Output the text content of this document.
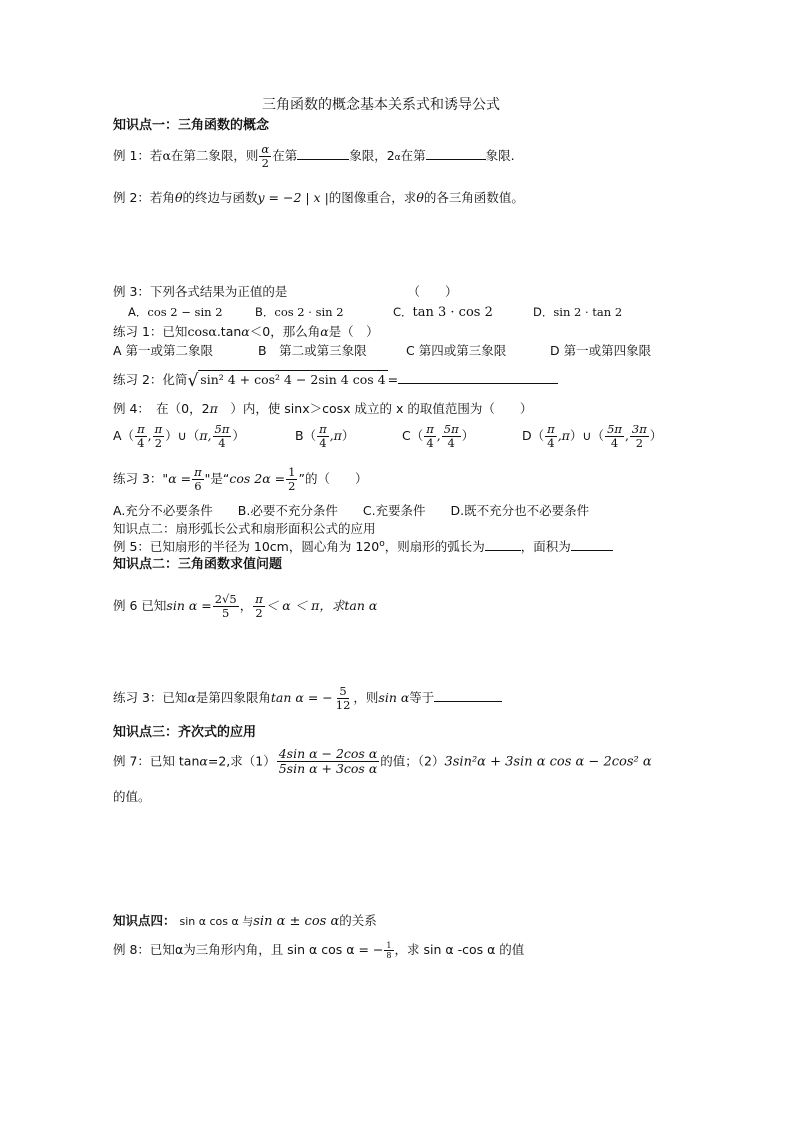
三角函数的概念基本关系式和诱导公式
知识点一：三角函数的概念
例 1：若α在第二象限，则 $\frac{\alpha}{2}$ 在第	象限，2α在第	象限.
例 2：若角θ的终边与函数y = −2 | x |的图像重合，求θ的各三角函数值。
例 3：下列各式结果为正值的是	（　　）
A．cos 2 − sin 2	B．cos 2 · sin 2	C．tan 3 · cos 2	D．sin 2 · tan 2
练习 1：已知cosα.tanα＜0，那么角α是（　）
A 第一或第二象限	B　第二或第三象限	C 第四或第三象限	D 第一或第四象限
练习 2：化简√ sin² 4 + cos² 4 − 2sin 4 cos 4 =
例 4：　在（0，2π　）内，使 sinx＞cosx 成立的 x 的取值范围为（　　）
$A( \frac{\pi}{4}$ , $\frac{\pi}{2}$ ）∪（π, $\frac{5\pi}{4}$ ）	$B( \frac{\pi}{4} ,\pi)$	$C( \frac{\pi}{4}$ , $\frac{5\pi}{4}$ ）	$D( \frac{\pi}{4}$ ,π）∪（ $\frac{5\pi}{4}$ , $\frac{3\pi}{2}$ ）
练习 3："$\alpha = \frac{\pi}{6}$ "是“cos $2\alpha = \frac{1}{2}$ ”的（　　）
A.充分不必要条件　　B.必要不充分条件　　C.充要条件　　D.既不充分也不必要条件
知识点二：扇形弧长公式和扇形面积公式的应用
例 5：已知扇形的半径为 10cm，圆心角为 120$^o$，则扇形的弧长为	，面积为
知识点二：三角函数求值问题
例 6 已知$\sin \alpha = \frac{2√5}{5}$ ， $\frac{\pi}{2} < \alpha < \pi$，求tan α
练习 3：已知α是第四象限角tan α = − $\frac{5}{12}$ ，则sin α等于
知识点三：齐次式的应用
例 7：已知 tanα=2,求$(1) \frac{\text{4sin α − 2cos α}}{\text{5sin α + 3cos α}}$ 的值；（2）3sin²α + 3sin α cos α − 2cos² α
的值。
知识点四： sin α cos α 与sin α ± cos α的关系
例 8：已知α为三角形内角，且 sin α cos α = − $\frac{1}{8}$ ，求 sin α -cos α 的值
